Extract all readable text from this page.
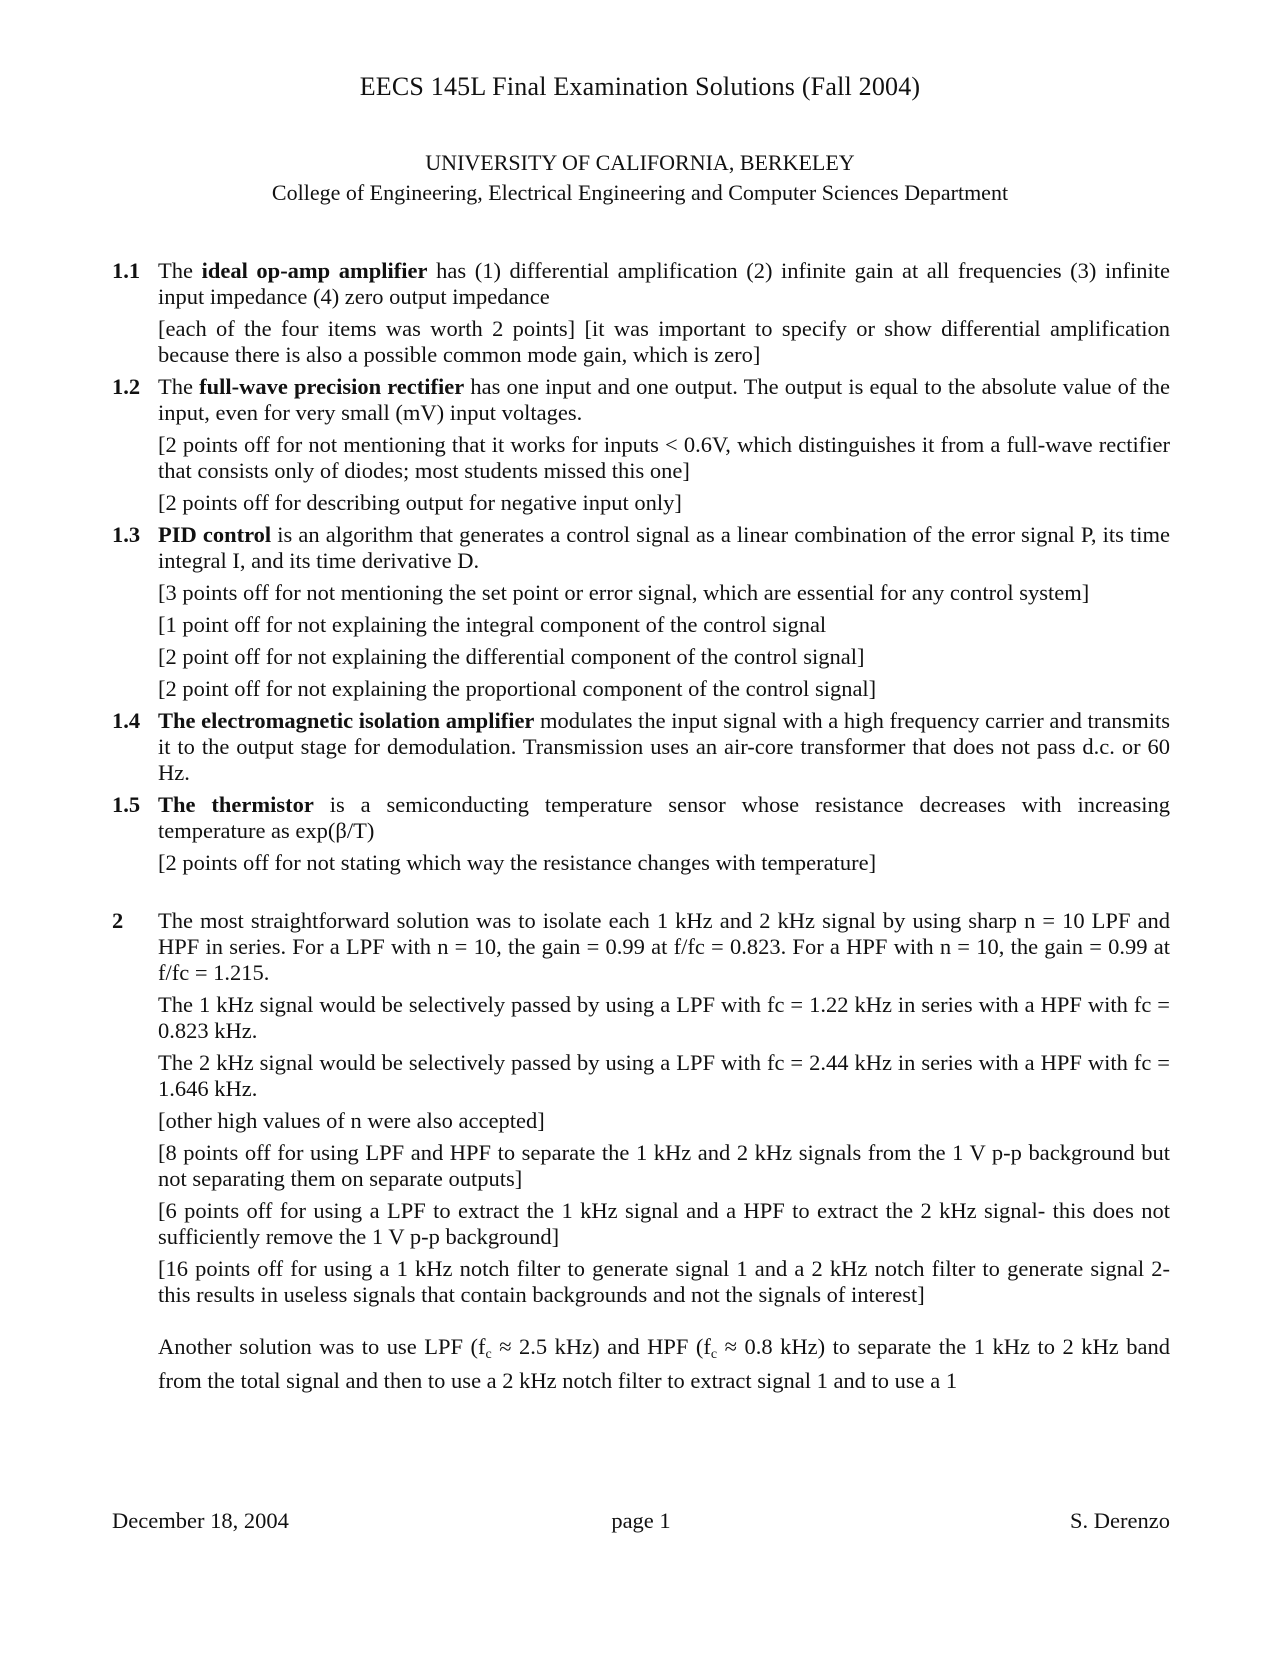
EECS 145L Final Examination Solutions (Fall 2004)
UNIVERSITY OF CALIFORNIA, BERKELEY
College of Engineering, Electrical Engineering and Computer Sciences Department
1.1 The ideal op-amp amplifier has (1) differential amplification (2) infinite gain at all frequencies (3) infinite input impedance (4) zero output impedance
[each of the four items was worth 2 points] [it was important to specify or show differential amplification because there is also a possible common mode gain, which is zero]
1.2 The full-wave precision rectifier has one input and one output. The output is equal to the absolute value of the input, even for very small (mV) input voltages.
[2 points off for not mentioning that it works for inputs < 0.6V, which distinguishes it from a full-wave rectifier that consists only of diodes; most students missed this one]
[2 points off for describing output for negative input only]
1.3 PID control is an algorithm that generates a control signal as a linear combination of the error signal P, its time integral I, and its time derivative D.
[3 points off for not mentioning the set point or error signal, which are essential for any control system]
[1 point off for not explaining the integral component of the control signal
[2 point off for not explaining the differential component of the control signal]
[2 point off for not explaining the proportional component of the control signal]
1.4 The electromagnetic isolation amplifier modulates the input signal with a high frequency carrier and transmits it to the output stage for demodulation. Transmission uses an air-core transformer that does not pass d.c. or 60 Hz.
1.5 The thermistor is a semiconducting temperature sensor whose resistance decreases with increasing temperature as exp(β/T)
[2 points off for not stating which way the resistance changes with temperature]
2	The most straightforward solution was to isolate each 1 kHz and 2 kHz signal by using sharp n = 10 LPF and HPF in series. For a LPF with n = 10, the gain = 0.99 at f/fc = 0.823. For a HPF with n = 10, the gain = 0.99 at f/fc = 1.215.
The 1 kHz signal would be selectively passed by using a LPF with fc = 1.22 kHz in series with a HPF with fc = 0.823 kHz.
The 2 kHz signal would be selectively passed by using a LPF with fc = 2.44 kHz in series with a HPF with fc = 1.646 kHz.
[other high values of n were also accepted]
[8 points off for using LPF and HPF to separate the 1 kHz and 2 kHz signals from the 1 V p-p background but not separating them on separate outputs]
[6 points off for using a LPF to extract the 1 kHz signal and a HPF to extract the 2 kHz signal- this does not sufficiently remove the 1 V p-p background]
[16 points off for using a 1 kHz notch filter to generate signal 1 and a 2 kHz notch filter to generate signal 2- this results in useless signals that contain backgrounds and not the signals of interest]
Another solution was to use LPF ($f_c \approx 2.5$ kHz) and HPF ($f_c \approx 0.8$ kHz) to separate the 1 kHz to 2 kHz band from the total signal and then to use a 2 kHz notch filter to extract signal 1 and to use a 1
December 18, 2004	page 1	S. Derenzo
